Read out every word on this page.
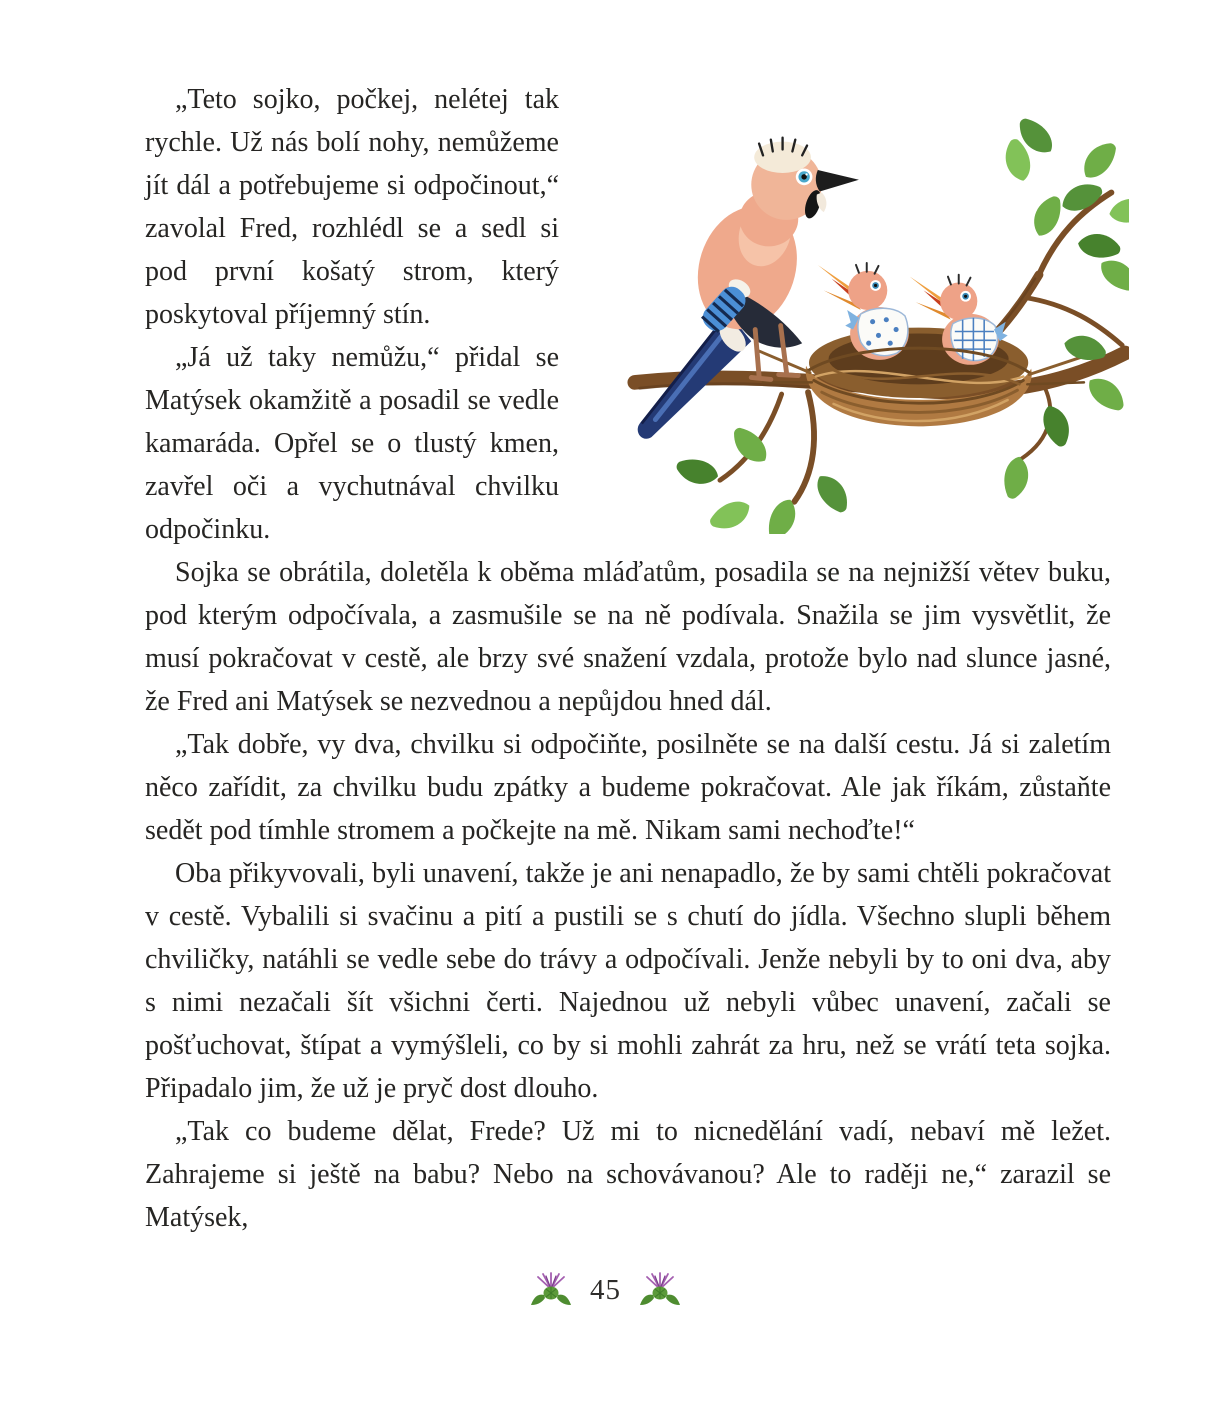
„Teto sojko, počkej, nelétej tak rychle. Už nás bolí nohy, nemůžeme jít dál a potřebujeme si odpočinout,“ zavolal Fred, rozhlédl se a sedl si pod první košatý strom, který poskytoval příjemný stín.

„Já už taky nemůžu,“ přidal se Matýsek okamžitě a posadil se vedle kamaráda. Opřel se o tlustý kmen, zavřel oči a vychutnával chvilku odpočinku.

Sojka se obrátila, doletěla k oběma mláďatům, posadila se na nejnižší větev buku, pod kterým odpočívala, a zasmušile se na ně podívala. Snažila se jim vysvětlit, že musí pokračovat v cestě, ale brzy své snažení vzdala, protože bylo nad slunce jasné, že Fred ani Matýsek se nezvednou a nepůjdou hned dál.

„Tak dobře, vy dva, chvilku si odpočiňte, posilněte se na další cestu. Já si zaletím něco zařídit, za chvilku budu zpátky a budeme pokračovat. Ale jak říkám, zůstaňte sedět pod tímhle stromem a počkejte na mě. Nikam sami nechoďte!“

Oba přikyvovali, byli unavení, takže je ani nenapadlo, že by sami chtěli pokračovat v cestě. Vybalili si svačinu a pití a pustili se s chutí do jídla. Všechno slupli během chviličky, natáhli se vedle sebe do trávy a odpočívali. Jenže nebyli by to oni dva, aby s nimi nezačali šít všichni čerti. Najednou už nebyli vůbec unavení, začali se pošťuchovat, štípat a vymýšleli, co by si mohli zahrát za hru, než se vrátí teta sojka. Připadalo jim, že už je pryč dost dlouho.

„Tak co budeme dělat, Frede? Už mi to nicnedělání vadí, nebaví mě ležet. Zahrajeme si ještě na babu? Nebo na schovávanou? Ale to raději ne,“ zarazil se Matýsek,

45
